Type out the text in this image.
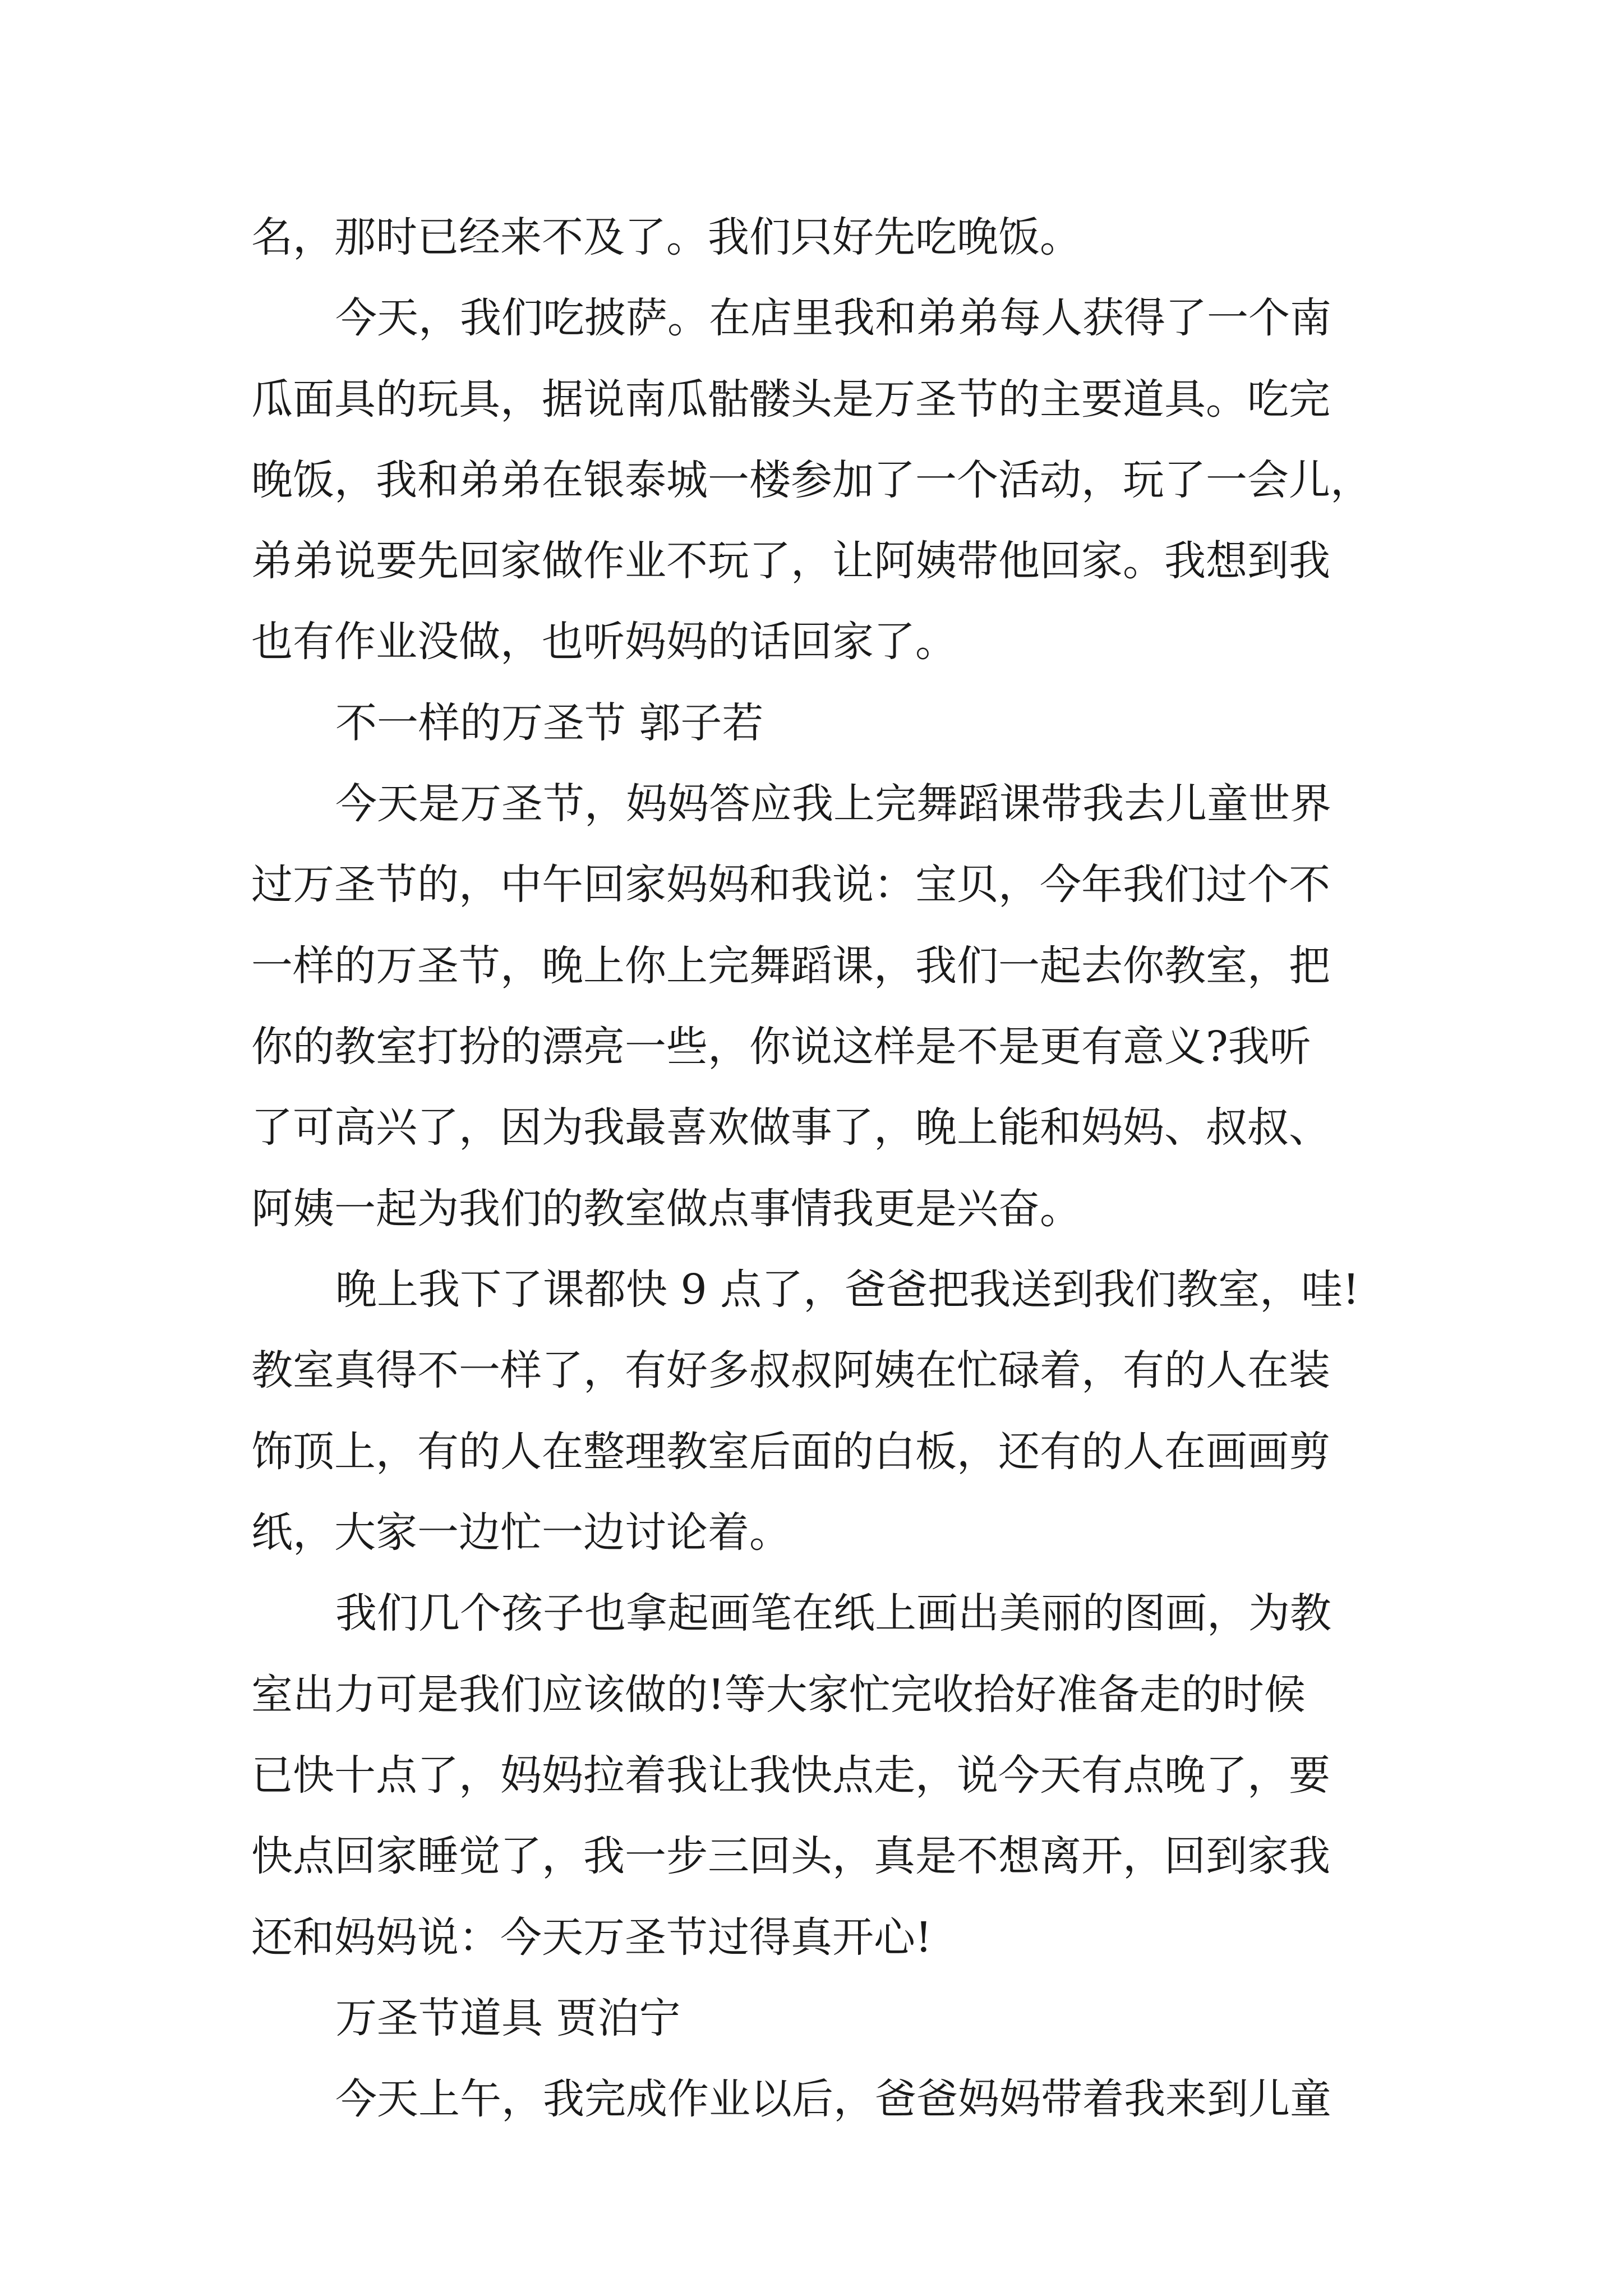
名，那时已经来不及了。我们只好先吃晚饭。

今天，我们吃披萨。在店里我和弟弟每人获得了一个南

瓜面具的玩具，据说南瓜骷髅头是万圣节的主要道具。吃完

晚饭，我和弟弟在银泰城一楼参加了一个活动，玩了一会儿，

弟弟说要先回家做作业不玩了，让阿姨带他回家。我想到我

也有作业没做，也听妈妈的话回家了。

不一样的万圣节 郭子若

今天是万圣节，妈妈答应我上完舞蹈课带我去儿童世界

过万圣节的，中午回家妈妈和我说：宝贝，今年我们过个不

一样的万圣节，晚上你上完舞蹈课，我们一起去你教室，把

你的教室打扮的漂亮一些，你说这样是不是更有意义?我听

了可高兴了，因为我最喜欢做事了，晚上能和妈妈、叔叔、

阿姨一起为我们的教室做点事情我更是兴奋。

晚上我下了课都快 9 点了，爸爸把我送到我们教室，哇!

教室真得不一样了，有好多叔叔阿姨在忙碌着，有的人在装

饰顶上，有的人在整理教室后面的白板，还有的人在画画剪

纸，大家一边忙一边讨论着。

我们几个孩子也拿起画笔在纸上画出美丽的图画，为教

室出力可是我们应该做的!等大家忙完收拾好准备走的时候

已快十点了，妈妈拉着我让我快点走，说今天有点晚了，要

快点回家睡觉了，我一步三回头，真是不想离开，回到家我

还和妈妈说：今天万圣节过得真开心!

万圣节道具 贾泊宁

今天上午，我完成作业以后，爸爸妈妈带着我来到儿童
